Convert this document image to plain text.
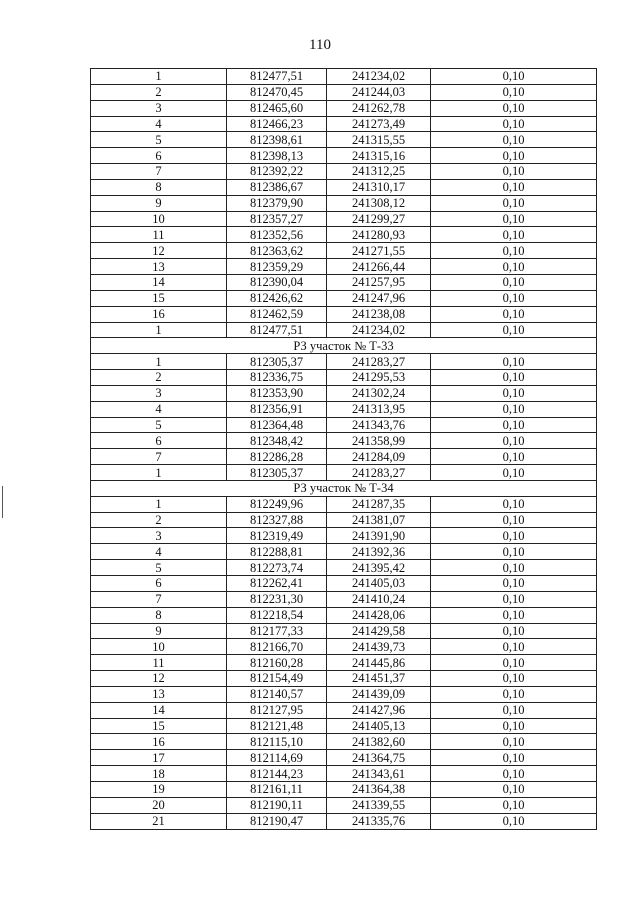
110
1	812477,51	241234,02	0,10
2	812470,45	241244,03	0,10
3	812465,60	241262,78	0,10
4	812466,23	241273,49	0,10
5	812398,61	241315,55	0,10
6	812398,13	241315,16	0,10
7	812392,22	241312,25	0,10
8	812386,67	241310,17	0,10
9	812379,90	241308,12	0,10
10	812357,27	241299,27	0,10
11	812352,56	241280,93	0,10
12	812363,62	241271,55	0,10
13	812359,29	241266,44	0,10
14	812390,04	241257,95	0,10
15	812426,62	241247,96	0,10
16	812462,59	241238,08	0,10
1	812477,51	241234,02	0,10
РЗ участок № Т-33			
1	812305,37	241283,27	0,10
2	812336,75	241295,53	0,10
3	812353,90	241302,24	0,10
4	812356,91	241313,95	0,10
5	812364,48	241343,76	0,10
6	812348,42	241358,99	0,10
7	812286,28	241284,09	0,10
1	812305,37	241283,27	0,10
РЗ участок № Т-34			
1	812249,96	241287,35	0,10
2	812327,88	241381,07	0,10
3	812319,49	241391,90	0,10
4	812288,81	241392,36	0,10
5	812273,74	241395,42	0,10
6	812262,41	241405,03	0,10
7	812231,30	241410,24	0,10
8	812218,54	241428,06	0,10
9	812177,33	241429,58	0,10
10	812166,70	241439,73	0,10
11	812160,28	241445,86	0,10
12	812154,49	241451,37	0,10
13	812140,57	241439,09	0,10
14	812127,95	241427,96	0,10
15	812121,48	241405,13	0,10
16	812115,10	241382,60	0,10
17	812114,69	241364,75	0,10
18	812144,23	241343,61	0,10
19	812161,11	241364,38	0,10
20	812190,11	241339,55	0,10
21	812190,47	241335,76	0,10
